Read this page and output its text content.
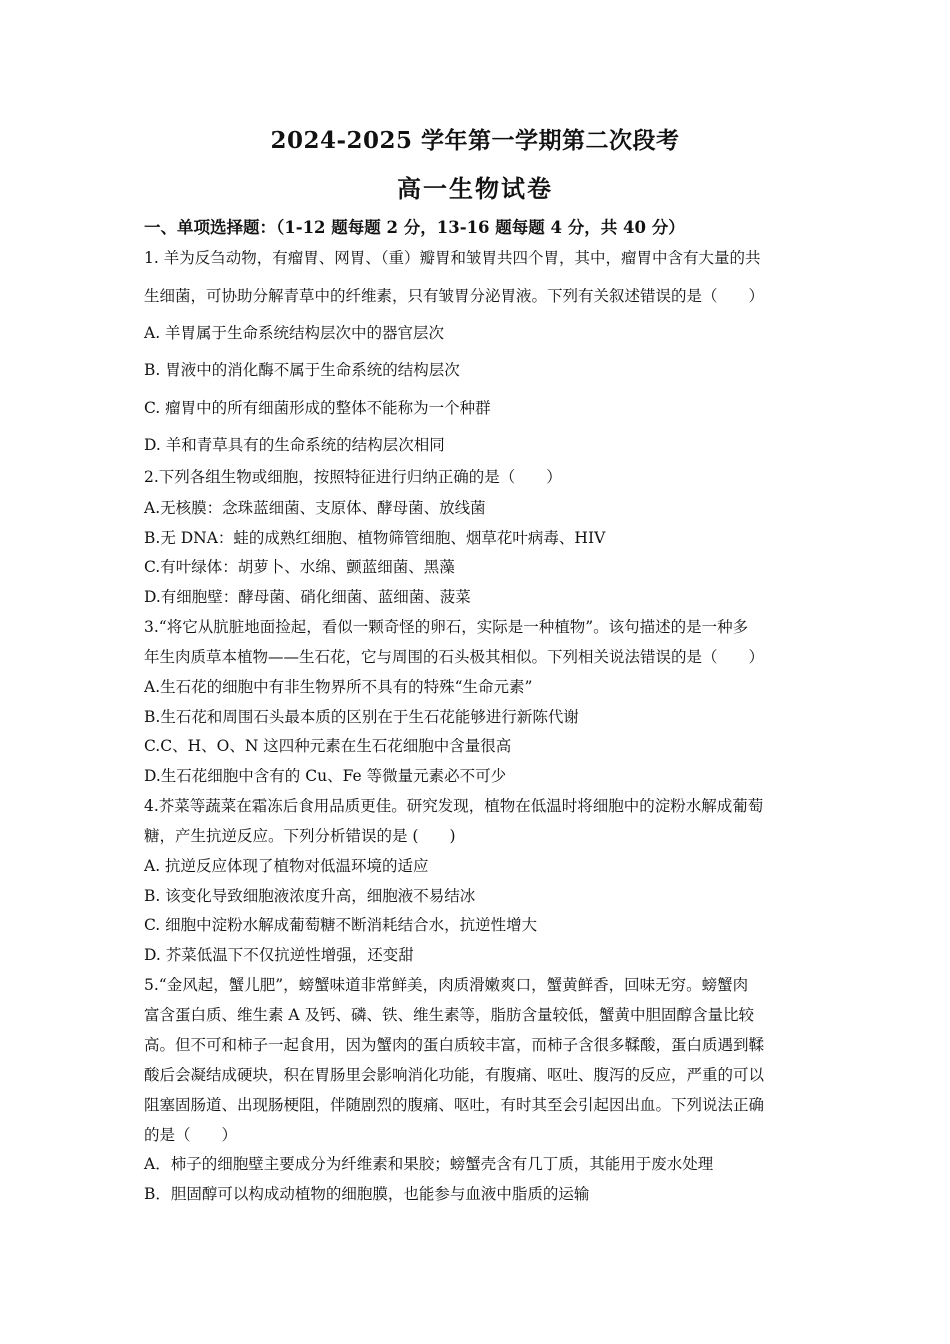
2024-2025 学年第一学期第二次段考
高一生物试卷
一、单项选择题：（1-12 题每题 2 分，13-16 题每题 4 分，共 40 分）
1. 羊为反刍动物，有瘤胃、网胃、（重）瓣胃和皱胃共四个胃，其中，瘤胃中含有大量的共
生细菌，可协助分解青草中的纤维素，只有皱胃分泌胃液。下列有关叙述错误的是（　　）
A. 羊胃属于生命系统结构层次中的器官层次
B. 胃液中的消化酶不属于生命系统的结构层次
C. 瘤胃中的所有细菌形成的整体不能称为一个种群
D. 羊和青草具有的生命系统的结构层次相同
2.下列各组生物或细胞，按照特征进行归纳正确的是（　　）
A.无核膜：念珠蓝细菌、支原体、酵母菌、放线菌
B.无 DNA：蛙的成熟红细胞、植物筛管细胞、烟草花叶病毒、HIV
C.有叶绿体：胡萝卜、水绵、颤蓝细菌、黑藻
D.有细胞壁：酵母菌、硝化细菌、蓝细菌、菠菜
3.“将它从肮脏地面捡起，看似一颗奇怪的卵石，实际是一种植物”。该句描述的是一种多
年生肉质草本植物——生石花，它与周围的石头极其相似。下列相关说法错误的是（　　）
A.生石花的细胞中有非生物界所不具有的特殊“生命元素”
B.生石花和周围石头最本质的区别在于生石花能够进行新陈代谢
C.C、H、O、N 这四种元素在生石花细胞中含量很高
D.生石花细胞中含有的 Cu、Fe 等微量元素必不可少
4.芥菜等蔬菜在霜冻后食用品质更佳。研究发现，植物在低温时将细胞中的淀粉水解成葡萄
糖，产生抗逆反应。下列分析错误的是 (　　)
A. 抗逆反应体现了植物对低温环境的适应
B. 该变化导致细胞液浓度升高，细胞液不易结冰
C. 细胞中淀粉水解成葡萄糖不断消耗结合水，抗逆性增大
D. 芥菜低温下不仅抗逆性增强，还变甜
5.“金风起，蟹儿肥”，螃蟹味道非常鲜美，肉质滑嫩爽口，蟹黄鲜香，回味无穷。螃蟹肉
富含蛋白质、维生素 A 及钙、磷、铁、维生素等，脂肪含量较低，蟹黄中胆固醇含量比较
高。但不可和柿子一起食用，因为蟹肉的蛋白质较丰富，而柿子含很多鞣酸，蛋白质遇到鞣
酸后会凝结成硬块，积在胃肠里会影响消化功能，有腹痛、呕吐、腹泻的反应，严重的可以
阻塞固肠道、出现肠梗阻，伴随剧烈的腹痛、呕吐，有时其至会引起因出血。下列说法正确
的是（　　）
A．柿子的细胞壁主要成分为纤维素和果胶；螃蟹壳含有几丁质，其能用于废水处理
B．胆固醇可以构成动植物的细胞膜，也能参与血液中脂质的运输
